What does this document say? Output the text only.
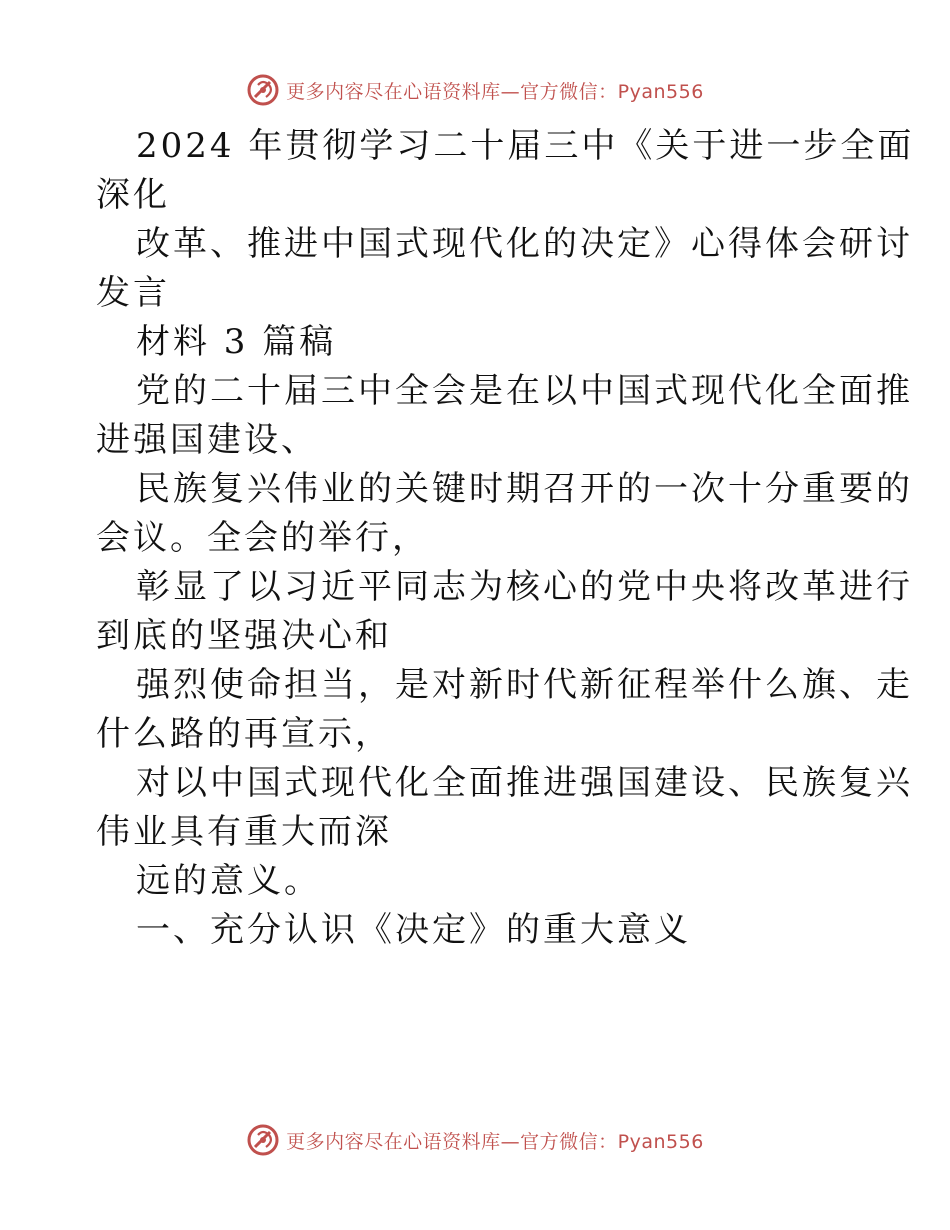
更多内容尽在心语资料库—官方微信：Pyan556
2024 年贯彻学习二十届三中《关于进一步全面
深化
改革、推进中国式现代化的决定》心得体会研讨
发言
材料 3 篇稿
党的二十届三中全会是在以中国式现代化全面推
进强国建设、
民族复兴伟业的关键时期召开的一次十分重要的
会议。全会的举行，
彰显了以习近平同志为核心的党中央将改革进行
到底的坚强决心和
强烈使命担当，是对新时代新征程举什么旗、走
什么路的再宣示，
对以中国式现代化全面推进强国建设、民族复兴
伟业具有重大而深
远的意义。
一、充分认识《决定》的重大意义
更多内容尽在心语资料库—官方微信：Pyan556
